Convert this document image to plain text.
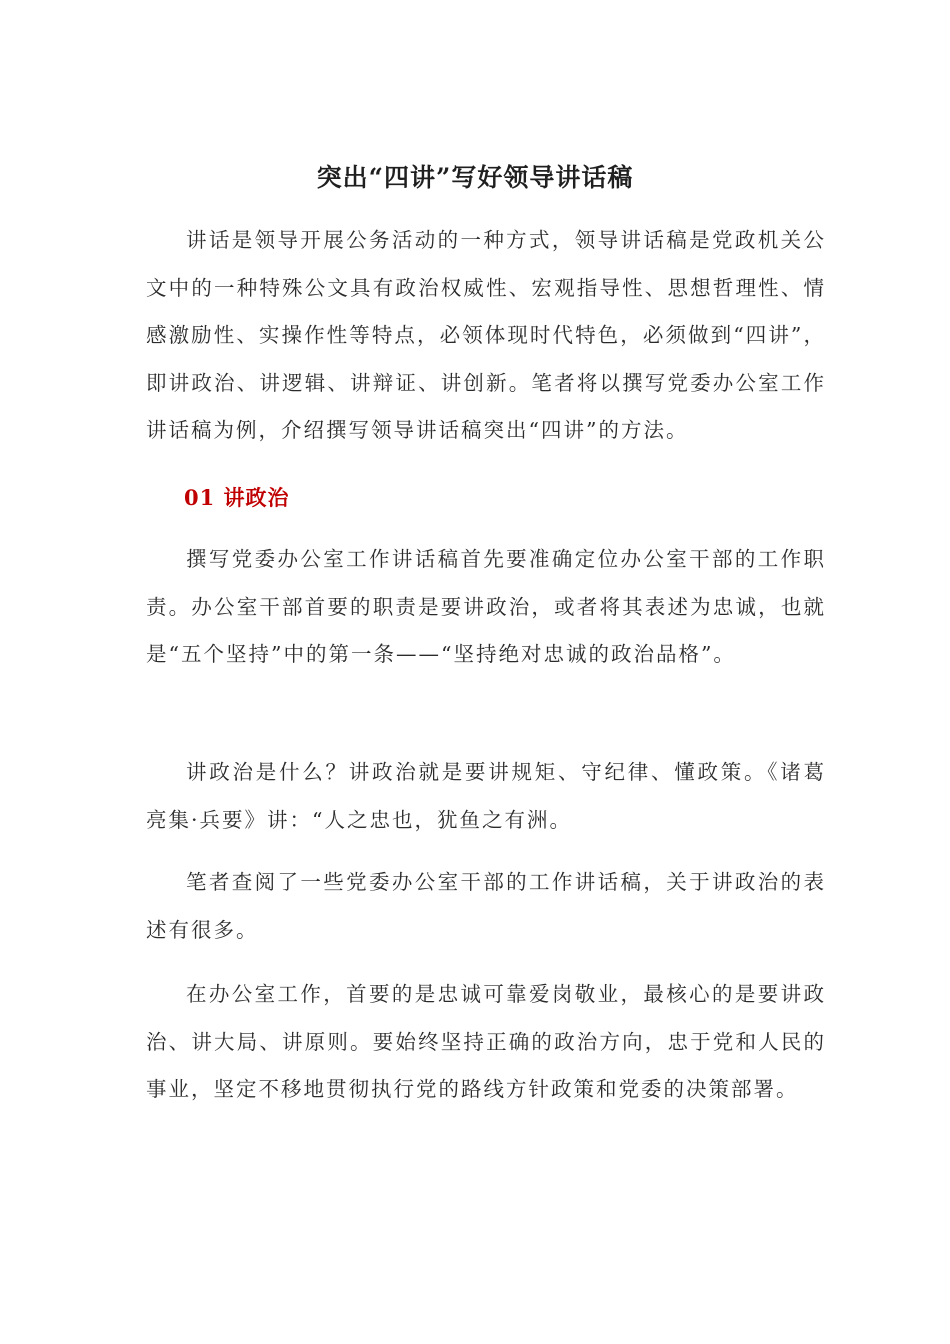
突出“四讲”写好领导讲话稿

讲话是领导开展公务活动的一种方式，领导讲话稿是党政机关公文中的一种特殊公文具有政治权威性、宏观指导性、思想哲理性、情感激励性、实操作性等特点，必领体现时代特色，必须做到“四讲”，即讲政治、讲逻辑、讲辩证、讲创新。笔者将以撰写党委办公室工作讲话稿为例，介绍撰写领导讲话稿突出“四讲”的方法。

01 讲政治

撰写党委办公室工作讲话稿首先要准确定位办公室干部的工作职责。办公室干部首要的职责是要讲政治，或者将其表述为忠诚，也就是“五个坚持”中的第一条——“坚持绝对忠诚的政治品格”。

讲政治是什么？讲政治就是要讲规矩、守纪律、懂政策。《诸葛亮集·兵要》讲：“人之忠也，犹鱼之有洲。

笔者查阅了一些党委办公室干部的工作讲话稿，关于讲政治的表述有很多。

在办公室工作，首要的是忠诚可靠爱岗敬业，最核心的是要讲政治、讲大局、讲原则。要始终坚持正确的政治方向，忠于党和人民的事业，坚定不移地贯彻执行党的路线方针政策和党委的决策部署。
